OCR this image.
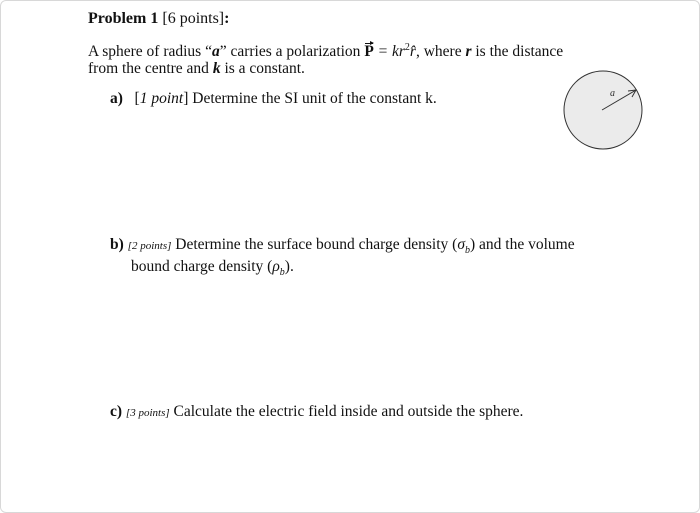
Problem 1 [6 points]:
A sphere of radius “a” carries a polarization
$P = kr^2r̂$, where r is the distance
from the centre and k is a constant.
a) [1 point] Determine the SI unit of the constant k.	a
b) [2 points] Determine the surface bound charge density $(\sigma_b)$ and the volume
bound charge density $(\rho_b)$.
c) [3 points] Calculate the electric field inside and outside the sphere.
